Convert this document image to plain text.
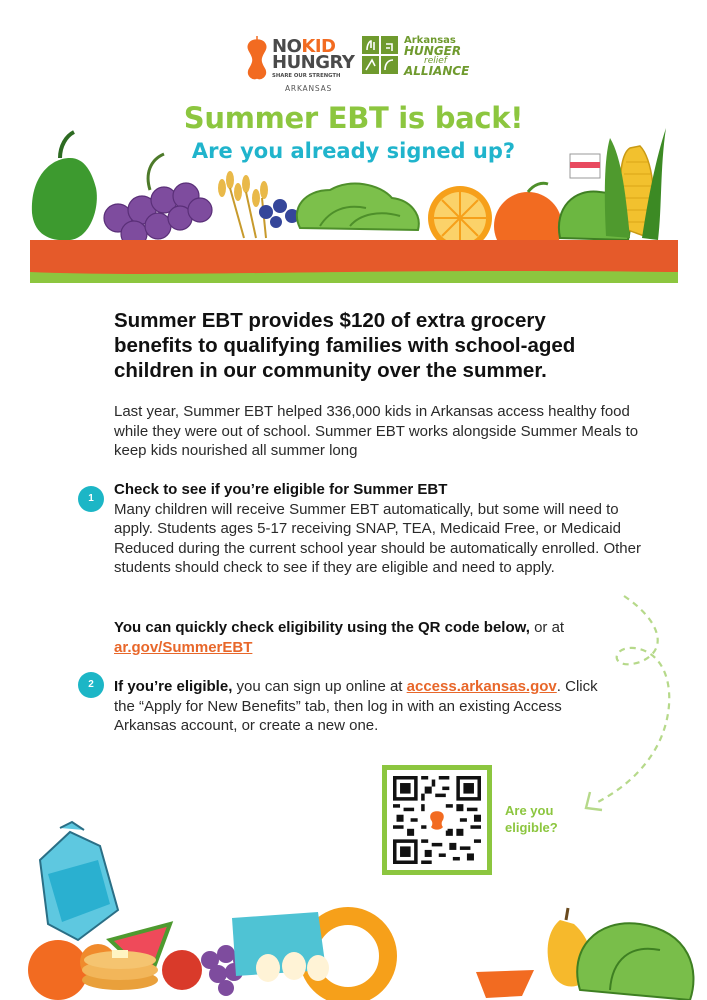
NOKID
HUNGRY
SHARE OUR STRENGTH
ARKANSAS
Arkansas
HUNGER
relief
ALLIANCE
Summer EBT is back!
Are you already signed up?
Summer EBT provides $120 of extra grocery benefits to qualifying families with school-aged children in our community over the summer.
Last year, Summer EBT helped 336,000 kids in Arkansas access healthy food while they were out of school. Summer EBT works alongside Summer Meals to keep kids nourished all summer long
1
Check to see if you’re eligible for Summer EBT
Many children will receive Summer EBT automatically, but some will need to apply. Students ages 5-17 receiving SNAP, TEA, Medicaid Free, or Medicaid Reduced during the current school year should be automatically enrolled. Other students should check to see if they are eligible and need to apply.
You can quickly check eligibility using the QR code below, or at ar.gov/SummerEBT
2	If you’re eligible, you can sign up online at access.arkansas.gov. Click the “Apply for New Benefits” tab, then log in with an existing Access Arkansas account, or create a new one.
Are you
eligible?
